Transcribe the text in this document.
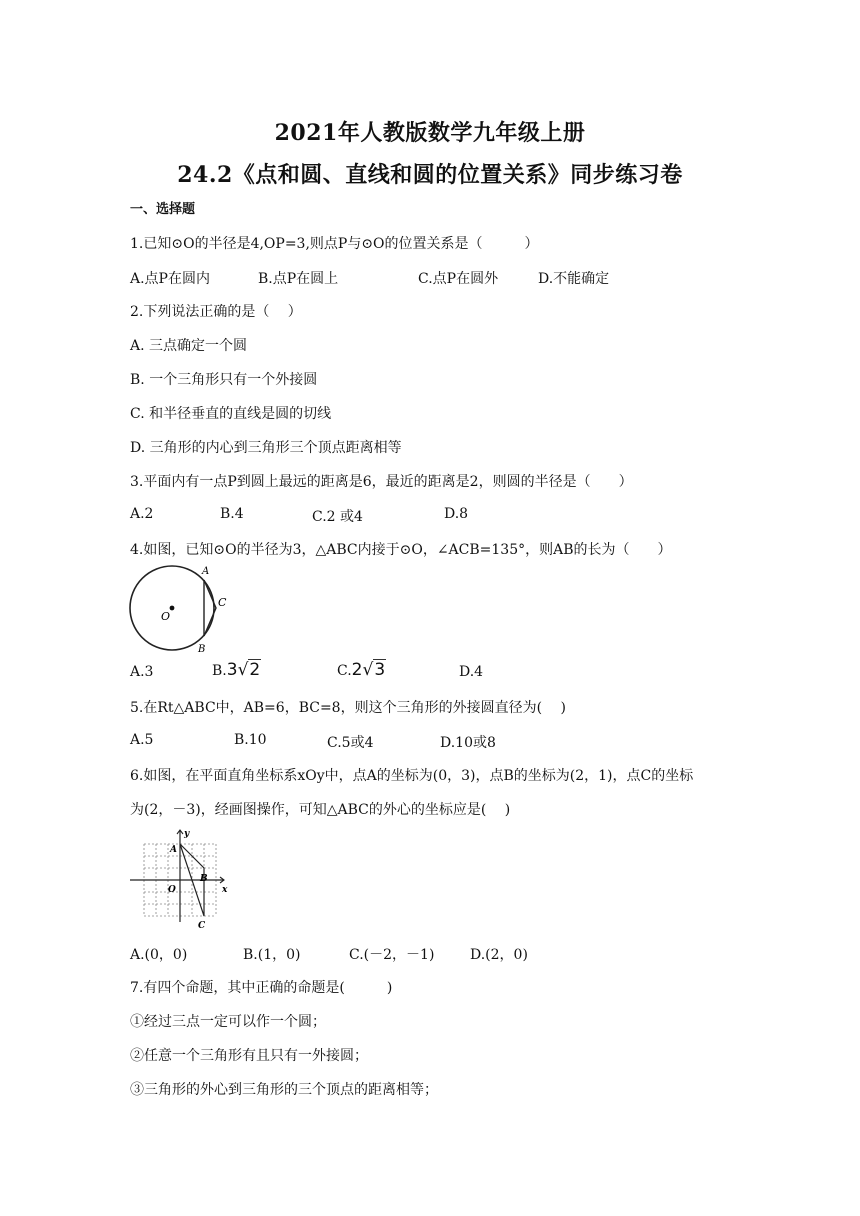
2021年人教版数学九年级上册
24.2《点和圆、直线和圆的位置关系》同步练习卷
一、选择题
1.已知⊙O的半径是4,OP=3,则点P与⊙O的位置关系是（　　　）
A.点P在圆内	B.点P在圆上	C.点P在圆外	D.不能确定
2.下列说法正确的是（　 ）
A. 三点确定一个圆
B. 一个三角形只有一个外接圆
C. 和半径垂直的直线是圆的切线
D. 三角形的内心到三角形三个顶点距离相等
3.平面内有一点P到圆上最远的距离是6，最近的距离是2，则圆的半径是（　　）
A.2	B.4	C.2 或4	D.8
4.如图，已知⊙O的半径为3，△ABC内接于⊙O，∠ACB=135°，则AB的长为（　　）
A
C
B
O
A.3	B.3√2	C.2√3	D.4
5.在Rt△ABC中，AB=6，BC=8，则这个三角形的外接圆直径为(　 )
A.5	B.10	C.5或4	D.10或8
6.如图，在平面直角坐标系xOy中，点A的坐标为(0，3)，点B的坐标为(2，1)，点C的坐标
为(2，－3)，经画图操作，可知△ABC的外心的坐标应是(　 )
y
x
A
B
C
O
A.(0，0)	B.(1，0)	C.(－2，－1)	D.(2，0)
7.有四个命题，其中正确的命题是(　　　)
①经过三点一定可以作一个圆；
②任意一个三角形有且只有一外接圆；
③三角形的外心到三角形的三个顶点的距离相等；
